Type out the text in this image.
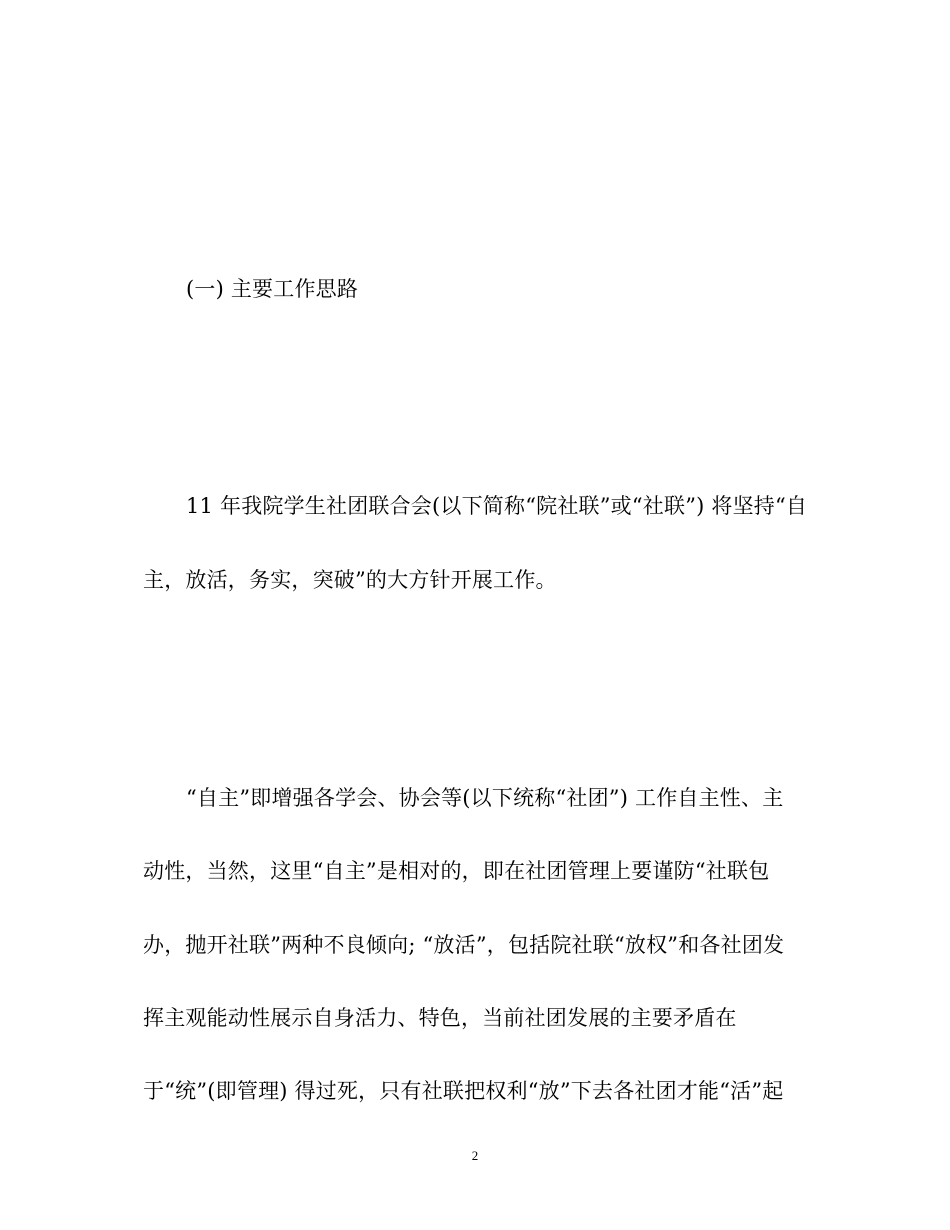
(一) 主要工作思路
11 年我院学生社团联合会(以下简称“院社联”或“社联”) 将坚持“自
主，放活，务实，突破”的大方针开展工作。
“自主”即增强各学会、协会等(以下统称“社团”) 工作自主性、主
动性，当然，这里“自主”是相对的，即在社团管理上要谨防“社联包
办，抛开社联”两种不良倾向; “放活”，包括院社联“放权”和各社团发
挥主观能动性展示自身活力、特色，当前社团发展的主要矛盾在
于“统”(即管理) 得过死，只有社联把权利“放”下去各社团才能“活”起
2
